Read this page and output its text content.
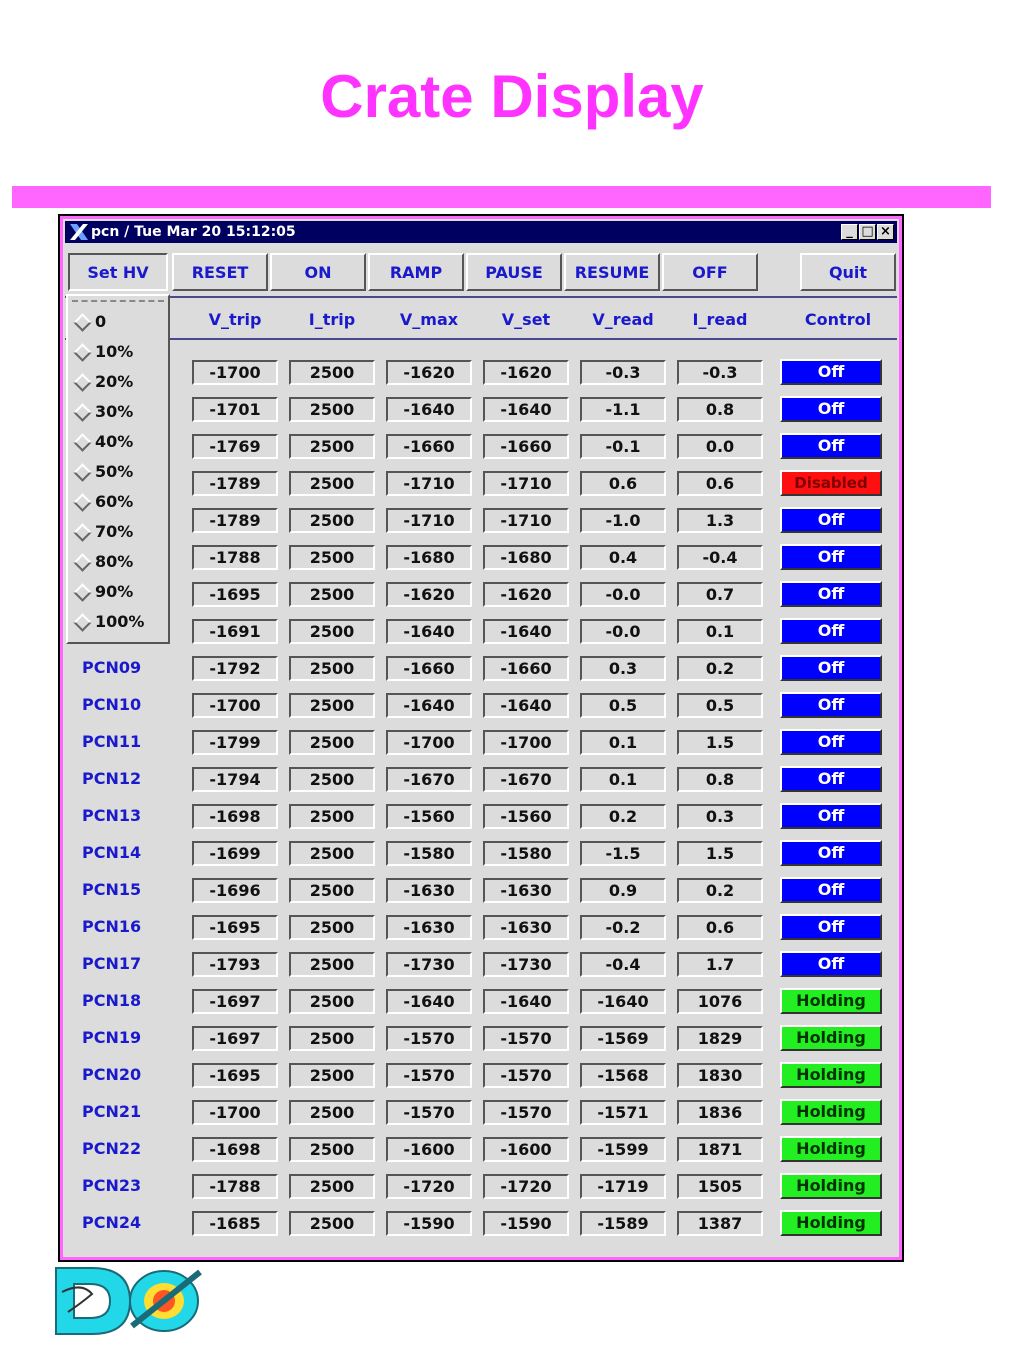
Crate Display
pcn / Tue Mar 20 15:12:05	_ □ ×
Set HV	RESET	ON	RAMP	PAUSE	RESUME	OFF	Quit
V_trip	I_trip	V_max	V_set	V_read	I_read	Control
-1700	2500	-1620	-1620	-0.3	-0.3	Off
-1701	2500	-1640	-1640	-1.1	0.8	Off
-1769	2500	-1660	-1660	-0.1	0.0	Off
-1789	2500	-1710	-1710	0.6	0.6	Disabled
-1789	2500	-1710	-1710	-1.0	1.3	Off
-1788	2500	-1680	-1680	0.4	-0.4	Off
-1695	2500	-1620	-1620	-0.0	0.7	Off
-1691	2500	-1640	-1640	-0.0	0.1	Off
PCN09	-1792	2500	-1660	-1660	0.3	0.2	Off
PCN10	-1700	2500	-1640	-1640	0.5	0.5	Off
PCN11	-1799	2500	-1700	-1700	0.1	1.5	Off
PCN12	-1794	2500	-1670	-1670	0.1	0.8	Off
PCN13	-1698	2500	-1560	-1560	0.2	0.3	Off
PCN14	-1699	2500	-1580	-1580	-1.5	1.5	Off
PCN15	-1696	2500	-1630	-1630	0.9	0.2	Off
PCN16	-1695	2500	-1630	-1630	-0.2	0.6	Off
PCN17	-1793	2500	-1730	-1730	-0.4	1.7	Off
PCN18	-1697	2500	-1640	-1640	-1640	1076	Holding
PCN19	-1697	2500	-1570	-1570	-1569	1829	Holding
PCN20	-1695	2500	-1570	-1570	-1568	1830	Holding
PCN21	-1700	2500	-1570	-1570	-1571	1836	Holding
PCN22	-1698	2500	-1600	-1600	-1599	1871	Holding
PCN23	-1788	2500	-1720	-1720	-1719	1505	Holding
PCN24	-1685	2500	-1590	-1590	-1589	1387	Holding
0
10%
20%
30%
40%
50%
60%
70%
80%
90%
100%
